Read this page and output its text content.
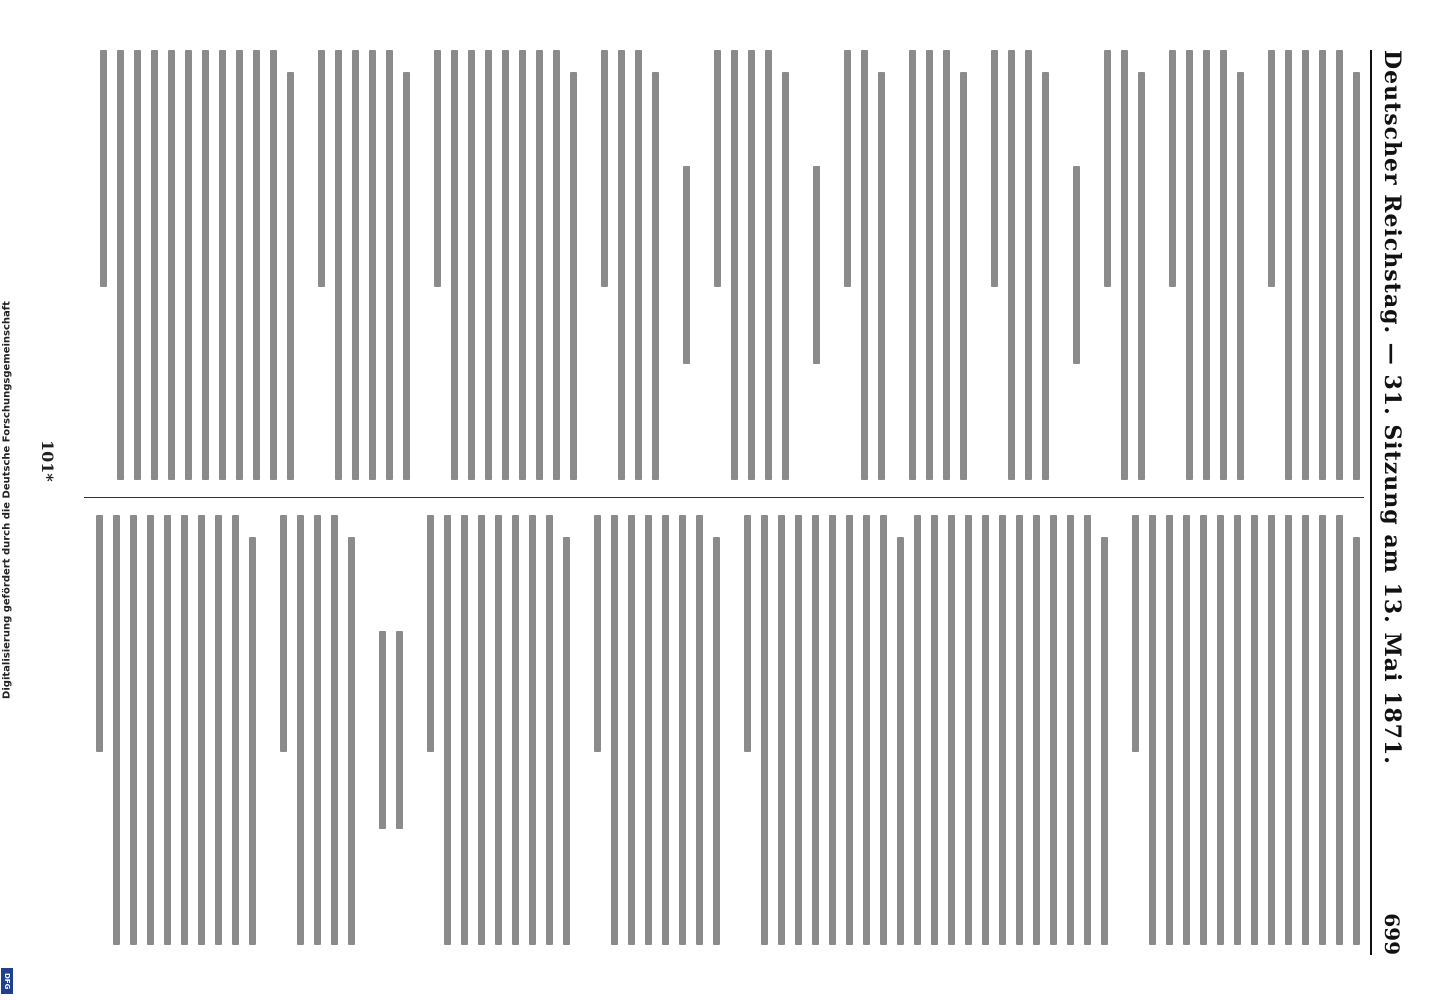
Digitalisierung gefördert durch die Deutsche Forschungsgemeinschaft
DFG
Deutscher Reichstag. — 31. Sitzung am 13. Mai 1871.
699
101*
